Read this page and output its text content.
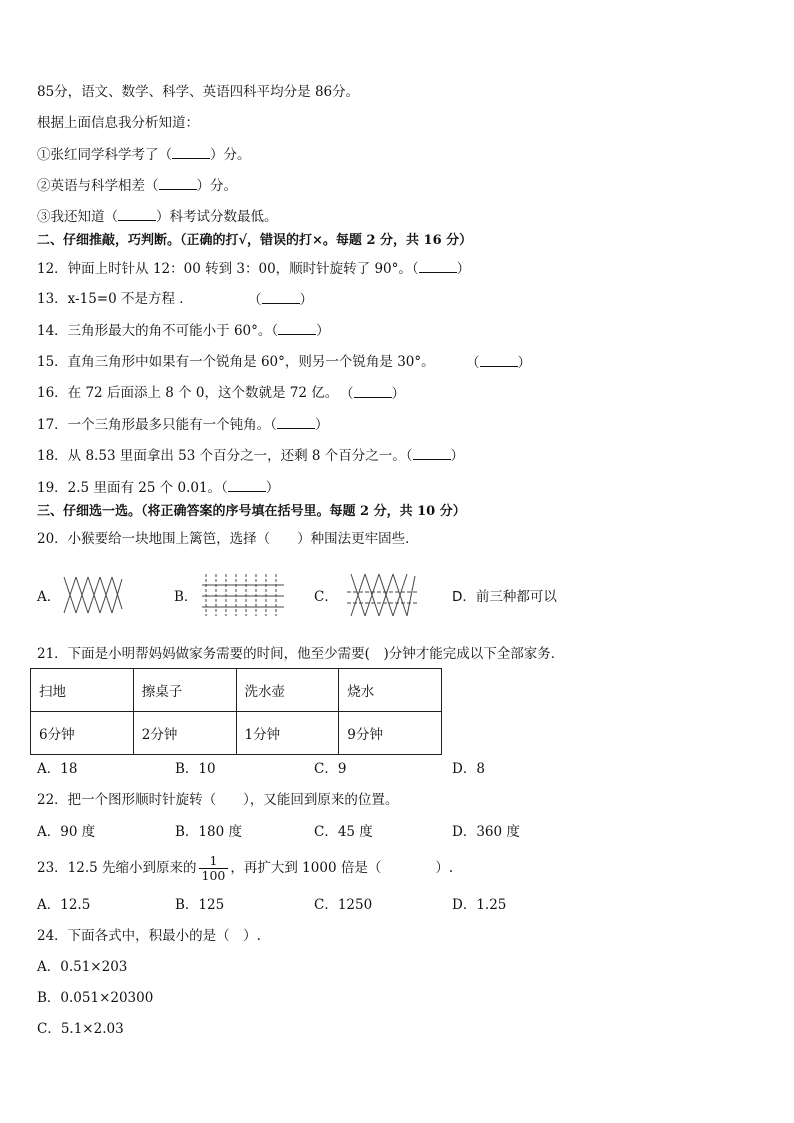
85分，语文、数学、科学、英语四科平均分是 86分。
根据上面信息我分析知道：
①张红同学科学考了（	）分。
②英语与科学相差（	）分。
③我还知道（	）科考试分数最低。
二、仔细推敲，巧判断。（正确的打√，错误的打×。每题 2 分，共 16 分）
12．钟面上时针从 12：00 转到 3：00，顺时针旋转了 90°。（	）
13．x-15=0 不是方程 ．	（	）
14．三角形最大的角不可能小于 60°。（	）
15．直角三角形中如果有一个锐角是 60°，则另一个锐角是 30°。 （	）
16．在 72 后面添上 8 个 0，这个数就是 72 亿。 （	）
17．一个三角形最多只能有一个钝角。（	）
18．从 8.53 里面拿出 53 个百分之一，还剩 8 个百分之一。（	）
19．2.5 里面有 25 个 0.01。（	）
三、仔细选一选。（将正确答案的序号填在括号里。每题 2 分，共 10 分）
20．小猴要给一块地围上篱笆，选择（　　）种围法更牢固些．
A．	B．	C．	D．前三种都可以
21．下面是小明帮妈妈做家务需要的时间，他至少需要(　)分钟才能完成以下全部家务．
扫地	擦桌子	洗水壶	烧水
6分钟	2分钟	1分钟	9分钟
A．18	B．10	C．9	D．8
22．把一个图形顺时针旋转（　　），又能回到原来的位置。
A．90 度	B．180 度	C．45 度	D．360 度
23．12.5 先缩小到原来的 $\frac{1}{100}$ ，再扩大到 1000 倍是（　　　　）.
A．12.5	B．125	C．1250	D．1.25
24．下面各式中，积最小的是（　）.
A．0.51×203
B．0.051×20300
C．5.1×2.03
